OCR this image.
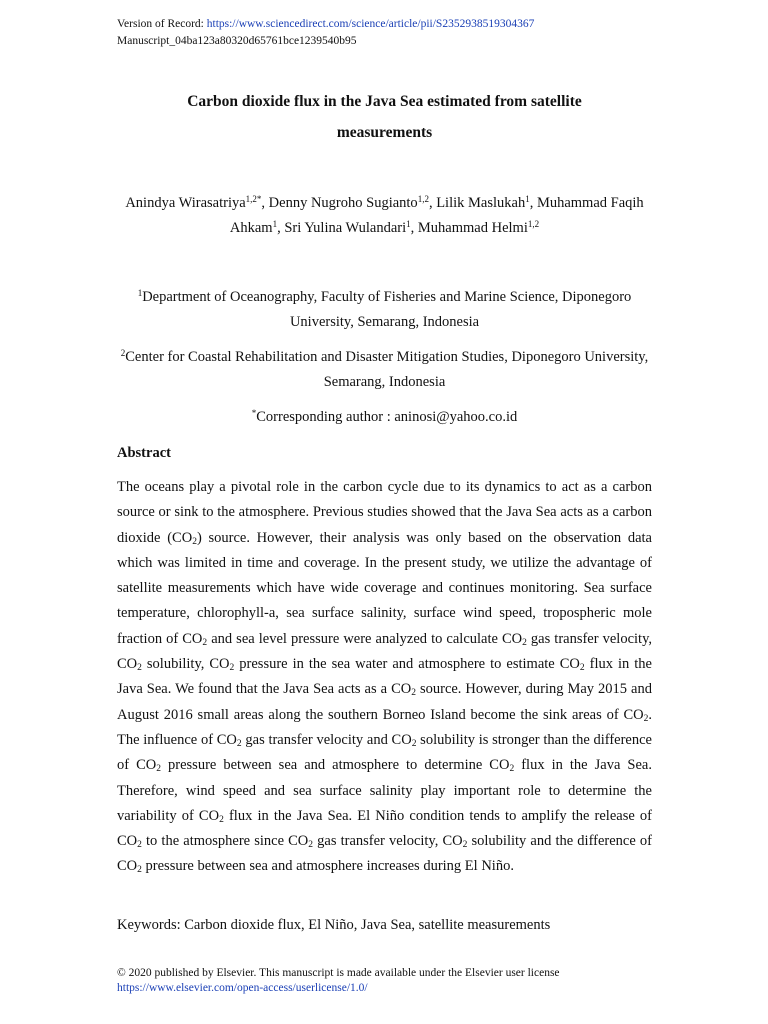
Version of Record: https://www.sciencedirect.com/science/article/pii/S2352938519304367
Manuscript_04ba123a80320d65761bce1239540b95
Carbon dioxide flux in the Java Sea estimated from satellite
measurements
Anindya Wirasatriya$^{1,2*}$, Denny Nugroho Sugianto$^{1,2}$, Lilik Maslukah$^1$, Muhammad Faqih Ahkam$^1$, Sri Yulina Wulandari$^1$, Muhammad Helmi$^{1,2}$
$^1$Department of Oceanography, Faculty of Fisheries and Marine Science, Diponegoro University, Semarang, Indonesia
$^2$Center for Coastal Rehabilitation and Disaster Mitigation Studies, Diponegoro University, Semarang, Indonesia
*Corresponding author : aninosi@yahoo.co.id
Abstract
The oceans play a pivotal role in the carbon cycle due to its dynamics to act as a carbon source or sink to the atmosphere. Previous studies showed that the Java Sea acts as a carbon dioxide $(CO_2)$ source. However, their analysis was only based on the observation data which was limited in time and coverage. In the present study, we utilize the advantage of satellite measurements which have wide coverage and continues monitoring. Sea surface temperature, chlorophyll-a, sea surface salinity, surface wind speed, tropospheric mole fraction of $CO_2$ and sea level pressure were analyzed to calculate $CO_2$ gas transfer velocity, $CO_2$ solubility, $CO_2$ pressure in the sea water and atmosphere to estimate $CO_2$ flux in the Java Sea. We found that the Java Sea acts as a $CO_2$ source. However, during May 2015 and August 2016 small areas along the southern Borneo Island become the sink areas of $CO_2$. The influence of $CO_2$ gas transfer velocity and $CO_2$ solubility is stronger than the difference of $CO_2$ pressure between sea and atmosphere to determine $CO_2$ flux in the Java Sea. Therefore, wind speed and sea surface salinity play important role to determine the variability of $CO_2$ flux in the Java Sea. El Niño condition tends to amplify the release of $CO_2$ to the atmosphere since $CO_2$ gas transfer velocity, $CO_2$ solubility and the difference of $CO_2$ pressure between sea and atmosphere increases during El Niño.
Keywords: Carbon dioxide flux, El Niño, Java Sea, satellite measurements
© 2020 published by Elsevier. This manuscript is made available under the Elsevier user license
https://www.elsevier.com/open-access/userlicense/1.0/
